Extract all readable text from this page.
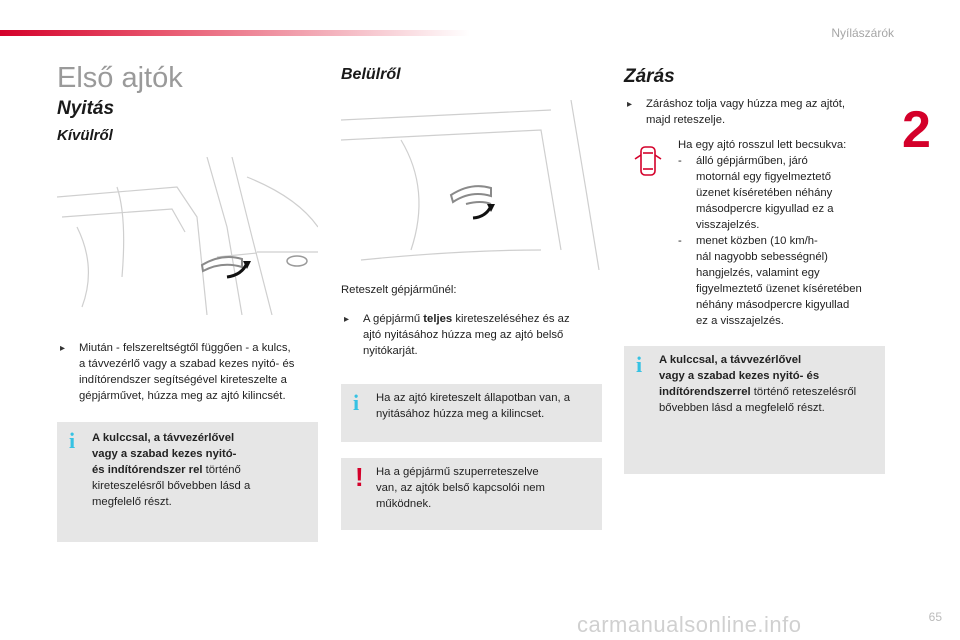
Nyílászárók
2
Első ajtók
Nyitás
Kívülről
▸ Miután - felszereltségtől függően - a kulcs,
a távvezérlő vagy a szabad kezes nyitó- és
indítórendszer segítségével kireteszelte a
gépjárművet, húzza meg az ajtó kilincsét.
i A kulccsal, a távvezérlővel
vagy a szabad kezes nyitó-
és indítórendszer rel történő
kireteszelésről bővebben lásd a
megfelelő részt.
Belülről
Reteszelt gépjárműnél:
▸ A gépjármű teljes kireteszeléséhez és az
ajtó nyitásához húzza meg az ajtó belső
nyitókarját.
i Ha az ajtó kireteszelt állapotban van, a
nyitásához húzza meg a kilincset.
! Ha a gépjármű szuperreteszelve
van, az ajtók belső kapcsolói nem
működnek.
Zárás
▸ Záráshoz tolja vagy húzza meg az ajtót,
majd reteszelje.
Ha egy ajtó rosszul lett becsukva:
- álló gépjárműben, járó
motornál egy figyelmeztető
üzenet kíséretében néhány
másodpercre kigyullad ez a
visszajelzés.
- menet közben (10 km/h-
nál nagyobb sebességnél)
hangjelzés, valamint egy
figyelmeztető üzenet kíséretében
néhány másodpercre kigyullad
ez a visszajelzés.
i A kulccsal, a távvezérlővel
vagy a szabad kezes nyitó- és
indítórendszerrel történő reteszelésről
bővebben lásd a megfelelő részt.
carmanualsonline.info	65
